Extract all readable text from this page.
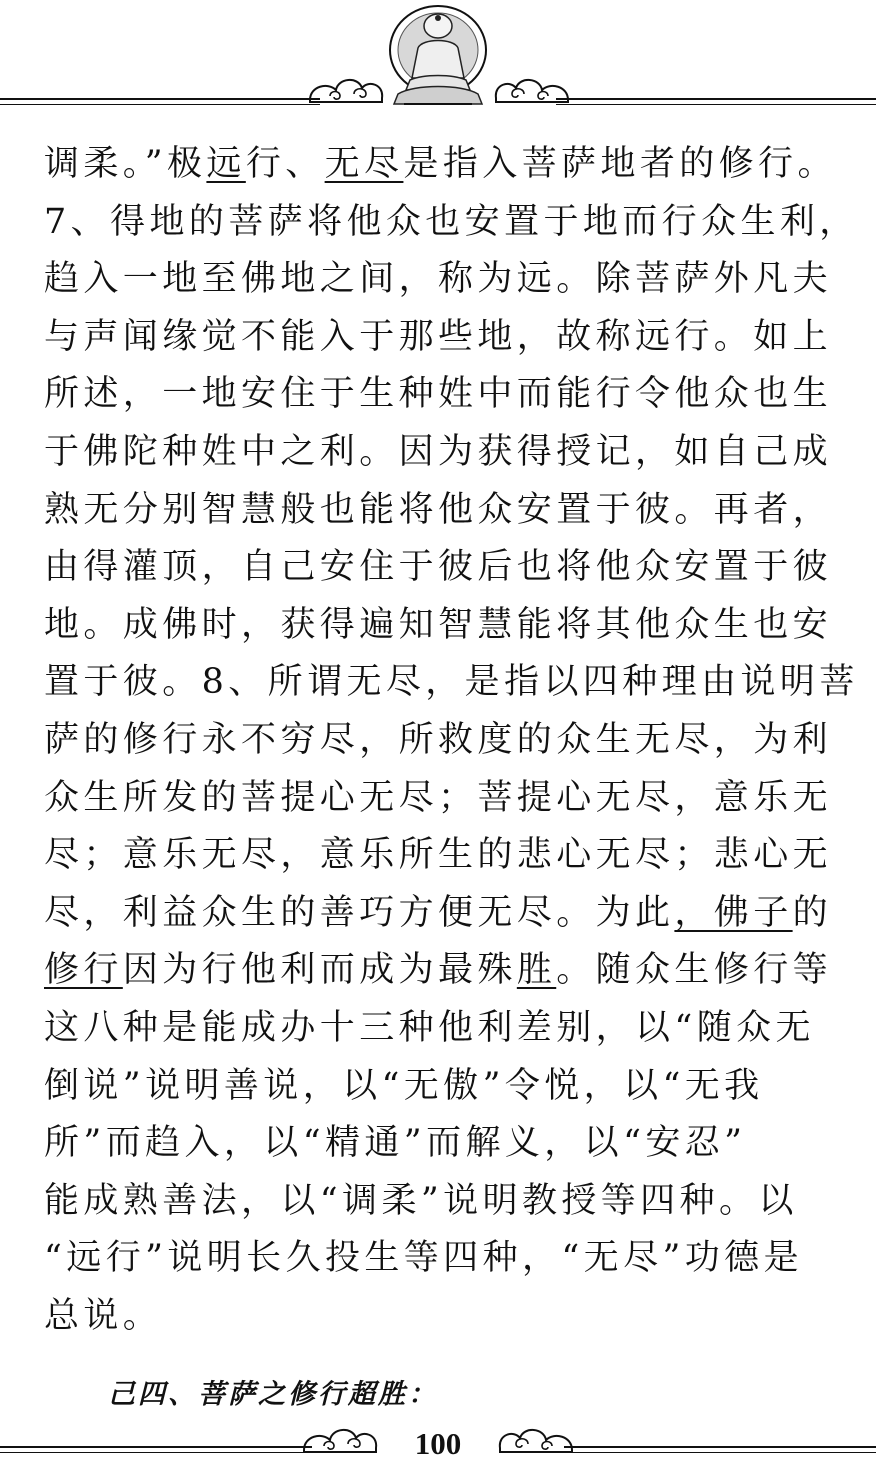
调柔。”极远行、无尽是指入菩萨地者的修行。
7、得地的菩萨将他众也安置于地而行众生利，
趋入一地至佛地之间，称为远。除菩萨外凡夫
与声闻缘觉不能入于那些地，故称远行。如上
所述，一地安住于生种姓中而能行令他众也生
于佛陀种姓中之利。因为获得授记，如自己成
熟无分别智慧般也能将他众安置于彼。再者，
由得灌顶，自己安住于彼后也将他众安置于彼
地。成佛时，获得遍知智慧能将其他众生也安
置于彼。8、所谓无尽，是指以四种理由说明菩
萨的修行永不穷尽，所救度的众生无尽，为利
众生所发的菩提心无尽；菩提心无尽，意乐无
尽；意乐无尽，意乐所生的悲心无尽；悲心无
尽，利益众生的善巧方便无尽。为此，佛子的
修行因为行他利而成为最殊胜。随众生修行等
这八种是能成办十三种他利差别，以“随众无
倒说”说明善说，以“无傲”令悦，以“无我
所”而趋入，以“精通”而解义，以“安忍”
能成熟善法，以“调柔”说明教授等四种。以
“远行”说明长久投生等四种，“无尽”功德是
总说。
己四、菩萨之修行超胜：
100
